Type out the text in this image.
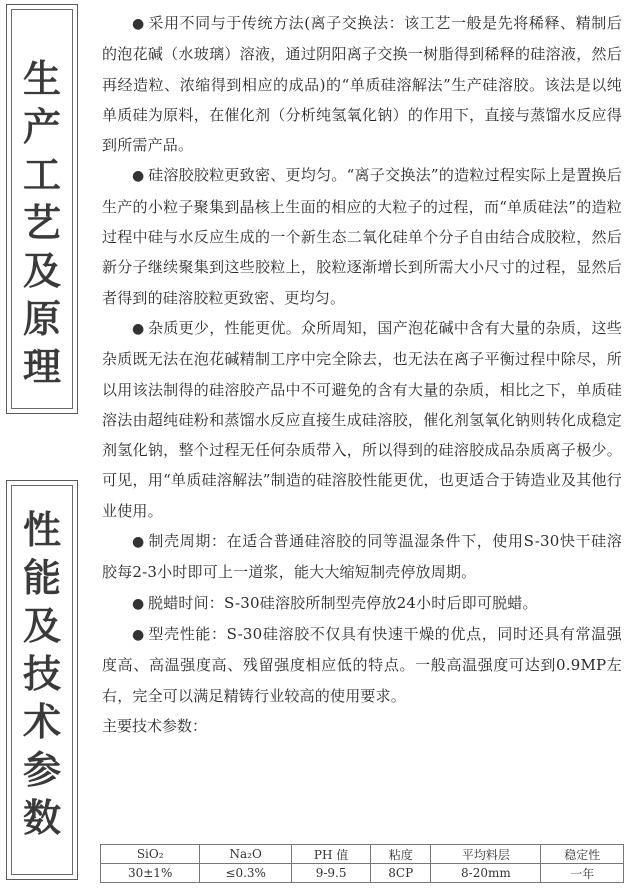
生
产
工
艺
及
原
理
性
能
及
技
术
参
数

● 采用不同与于传统方法(离子交换法：该工艺一般是先将稀释、精制后的泡花碱（水玻璃）溶液，通过阴阳离子交换一树脂得到稀释的硅溶液，然后再经造粒、浓缩得到相应的成品)的“单质硅溶解法”生产硅溶胶。该法是以纯单质硅为原料，在催化剂（分析纯氢氧化钠）的作用下，直接与蒸馏水反应得到所需产品。

● 硅溶胶胶粒更致密、更均匀。“离子交换法”的造粒过程实际上是置换后生产的小粒子聚集到晶核上生面的相应的大粒子的过程，而“单质硅法”的造粒过程中硅与水反应生成的一个新生态二氧化硅单个分子自由结合成胶粒，然后新分子继续聚集到这些胶粒上，胶粒逐渐增长到所需大小尺寸的过程，显然后者得到的硅溶胶粒更致密、更均匀。

● 杂质更少，性能更优。众所周知，国产泡花碱中含有大量的杂质，这些杂质既无法在泡花碱精制工序中完全除去，也无法在离子平衡过程中除尽，所以用该法制得的硅溶胶产品中不可避免的含有大量的杂质，相比之下，单质硅溶法由超纯硅粉和蒸馏水反应直接生成硅溶胶，催化剂氢氧化钠则转化成稳定剂氢化钠，整个过程无任何杂质带入，所以得到的硅溶胶成品杂质离子极少。可见，用“单质硅溶解法”制造的硅溶胶性能更优，也更适合于铸造业及其他行业使用。

● 制壳周期：在适合普通硅溶胶的同等温湿条件下，使用S-30快干硅溶胶每2-3小时即可上一道浆，能大大缩短制壳停放周期。

● 脱蜡时间：S-30硅溶胶所制型壳停放24小时后即可脱蜡。

● 型壳性能：S-30硅溶胶不仅具有快速干燥的优点，同时还具有常温强度高、高温强度高、残留强度相应低的特点。一般高温强度可达到0.9MP左右，完全可以满足精铸行业较高的使用要求。

主要技术参数：

SiO₂	Na₂O	PH 值	粘度	平均料层	稳定性
30±1%	≤0.3%	9-9.5	8CP	8-20mm	一年
